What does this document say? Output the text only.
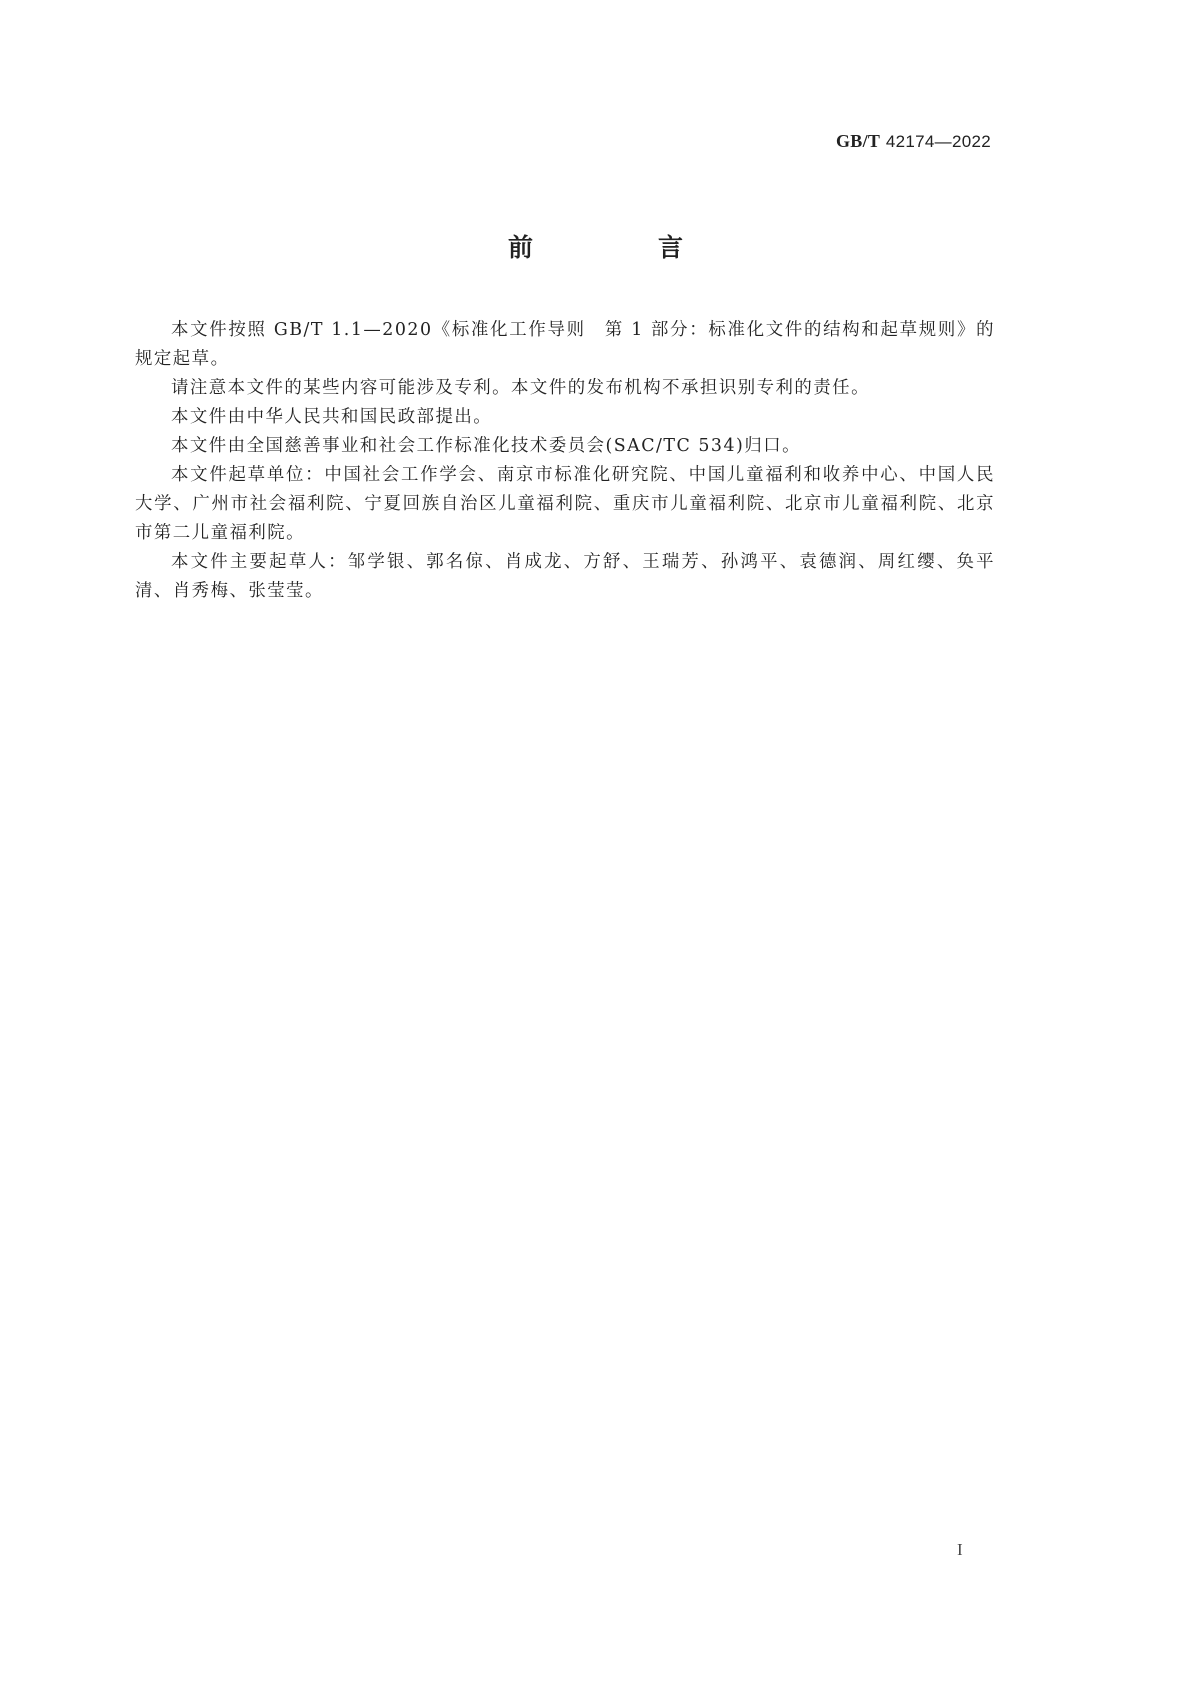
GB/T 42174—2022
前　言

本文件按照 GB/T 1.1—2020《标准化工作导则　第 1 部分：标准化文件的结构和起草规则》的规定起草。

请注意本文件的某些内容可能涉及专利。本文件的发布机构不承担识别专利的责任。

本文件由中华人民共和国民政部提出。

本文件由全国慈善事业和社会工作标准化技术委员会(SAC/TC 534)归口。

本文件起草单位：中国社会工作学会、南京市标准化研究院、中国儿童福利和收养中心、中国人民大学、广州市社会福利院、宁夏回族自治区儿童福利院、重庆市儿童福利院、北京市儿童福利院、北京市第二儿童福利院。

本文件主要起草人：邹学银、郭名倞、肖成龙、方舒、王瑞芳、孙鸿平、袁德润、周红缨、奂平清、肖秀梅、张莹莹。

I
